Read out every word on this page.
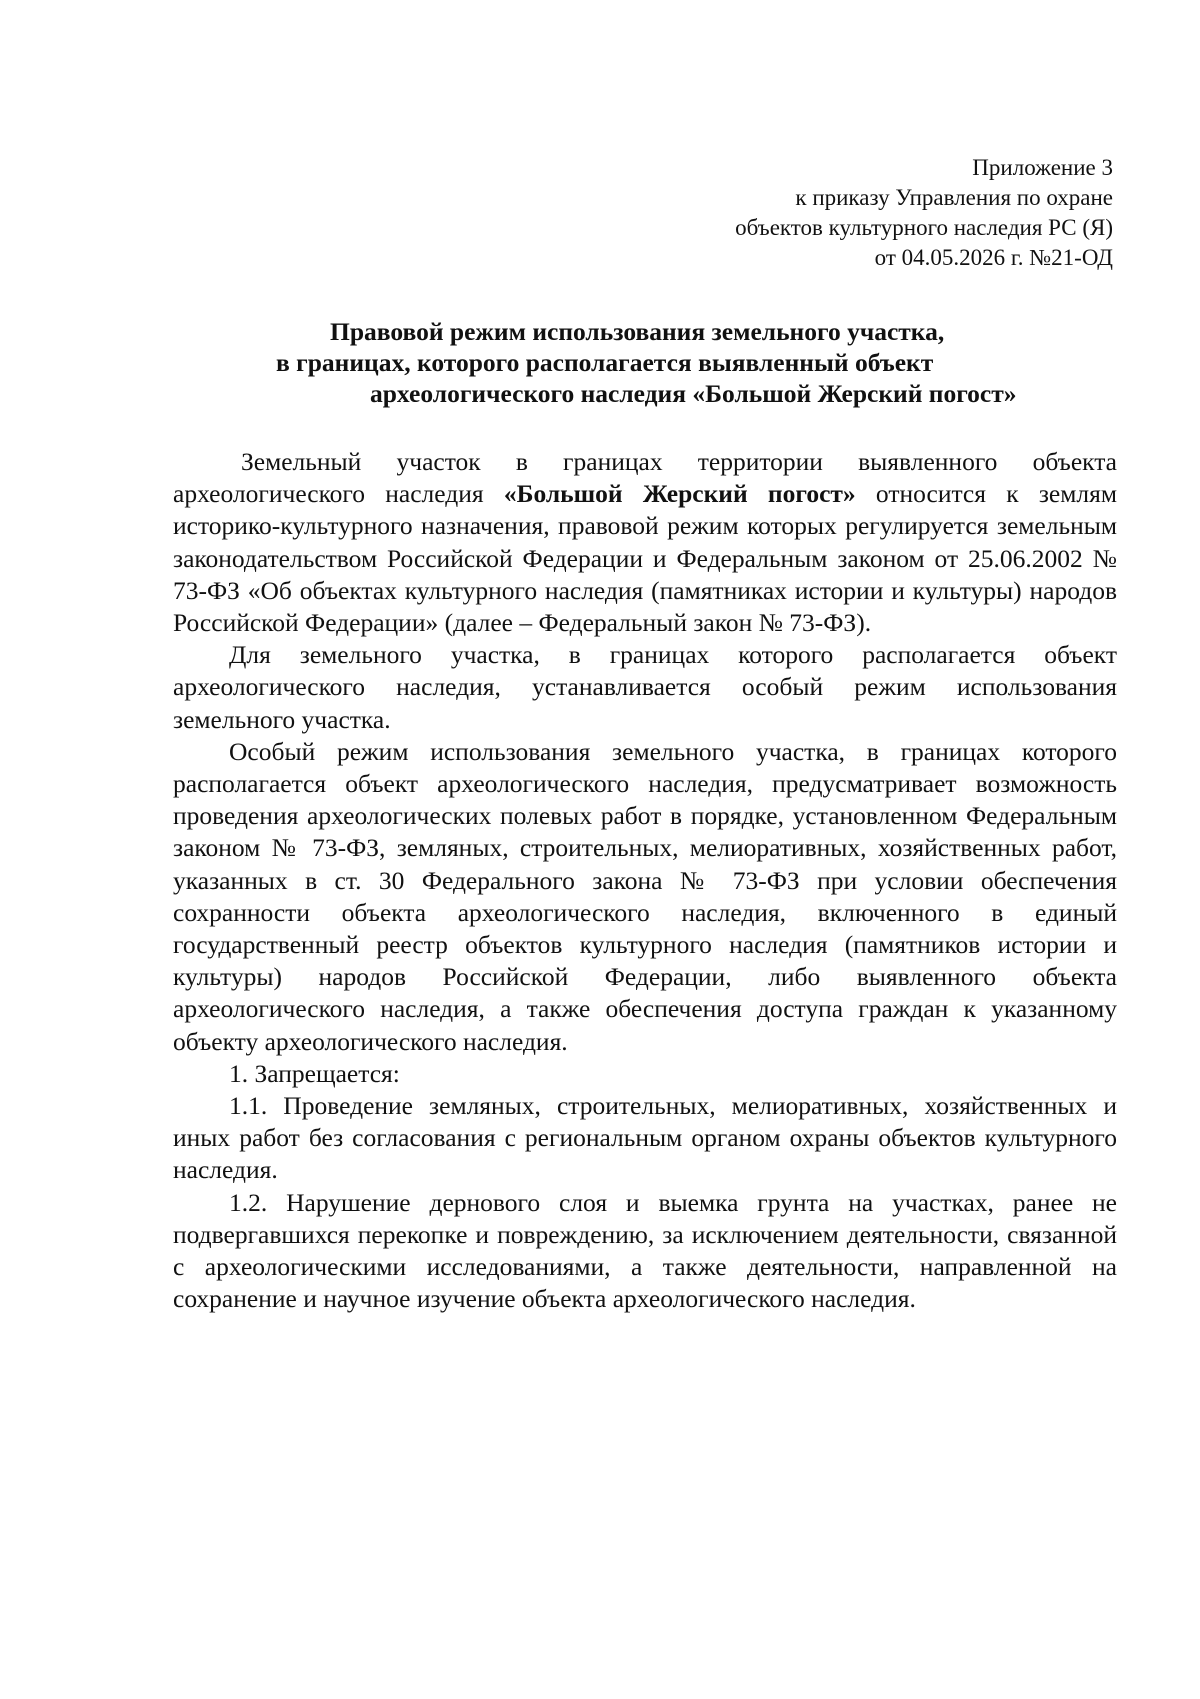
Приложение 3
к приказу Управления по охране
объектов культурного наследия РС (Я)
от 04.05.2026 г. №21-ОД
Правовой режим использования земельного участка,
в границах, которого располагается выявленный объект
археологического наследия «Большой Жерский погост»

Земельный участок в границах территории выявленного объекта археологического наследия «Большой Жерский погост» относится к землям историко-культурного назначения, правовой режим которых регулируется земельным законодательством Российской Федерации и Федеральным законом от 25.06.2002 № 73-ФЗ «Об объектах культурного наследия (памятниках истории и культуры) народов Российской Федерации» (далее – Федеральный закон № 73-ФЗ).

Для земельного участка, в границах которого располагается объект археологического наследия, устанавливается особый режим использования земельного участка.

Особый режим использования земельного участка, в границах которого располагается объект археологического наследия, предусматривает возможность проведения археологических полевых работ в порядке, установленном Федеральным законом № 73-ФЗ, земляных, строительных, мелиоративных, хозяйственных работ, указанных в ст. 30 Федерального закона № 73-ФЗ при условии обеспечения сохранности объекта археологического наследия, включенного в единый государственный реестр объектов культурного наследия (памятников истории и культуры) народов Российской Федерации, либо выявленного объекта археологического наследия, а также обеспечения доступа граждан к указанному объекту археологического наследия.

1. Запрещается:

1.1. Проведение земляных, строительных, мелиоративных, хозяйственных и иных работ без согласования с региональным органом охраны объектов культурного наследия.

1.2. Нарушение дернового слоя и выемка грунта на участках, ранее не подвергавшихся перекопке и повреждению, за исключением деятельности, связанной с археологическими исследованиями, а также деятельности, направленной на сохранение и научное изучение объекта археологического наследия.
